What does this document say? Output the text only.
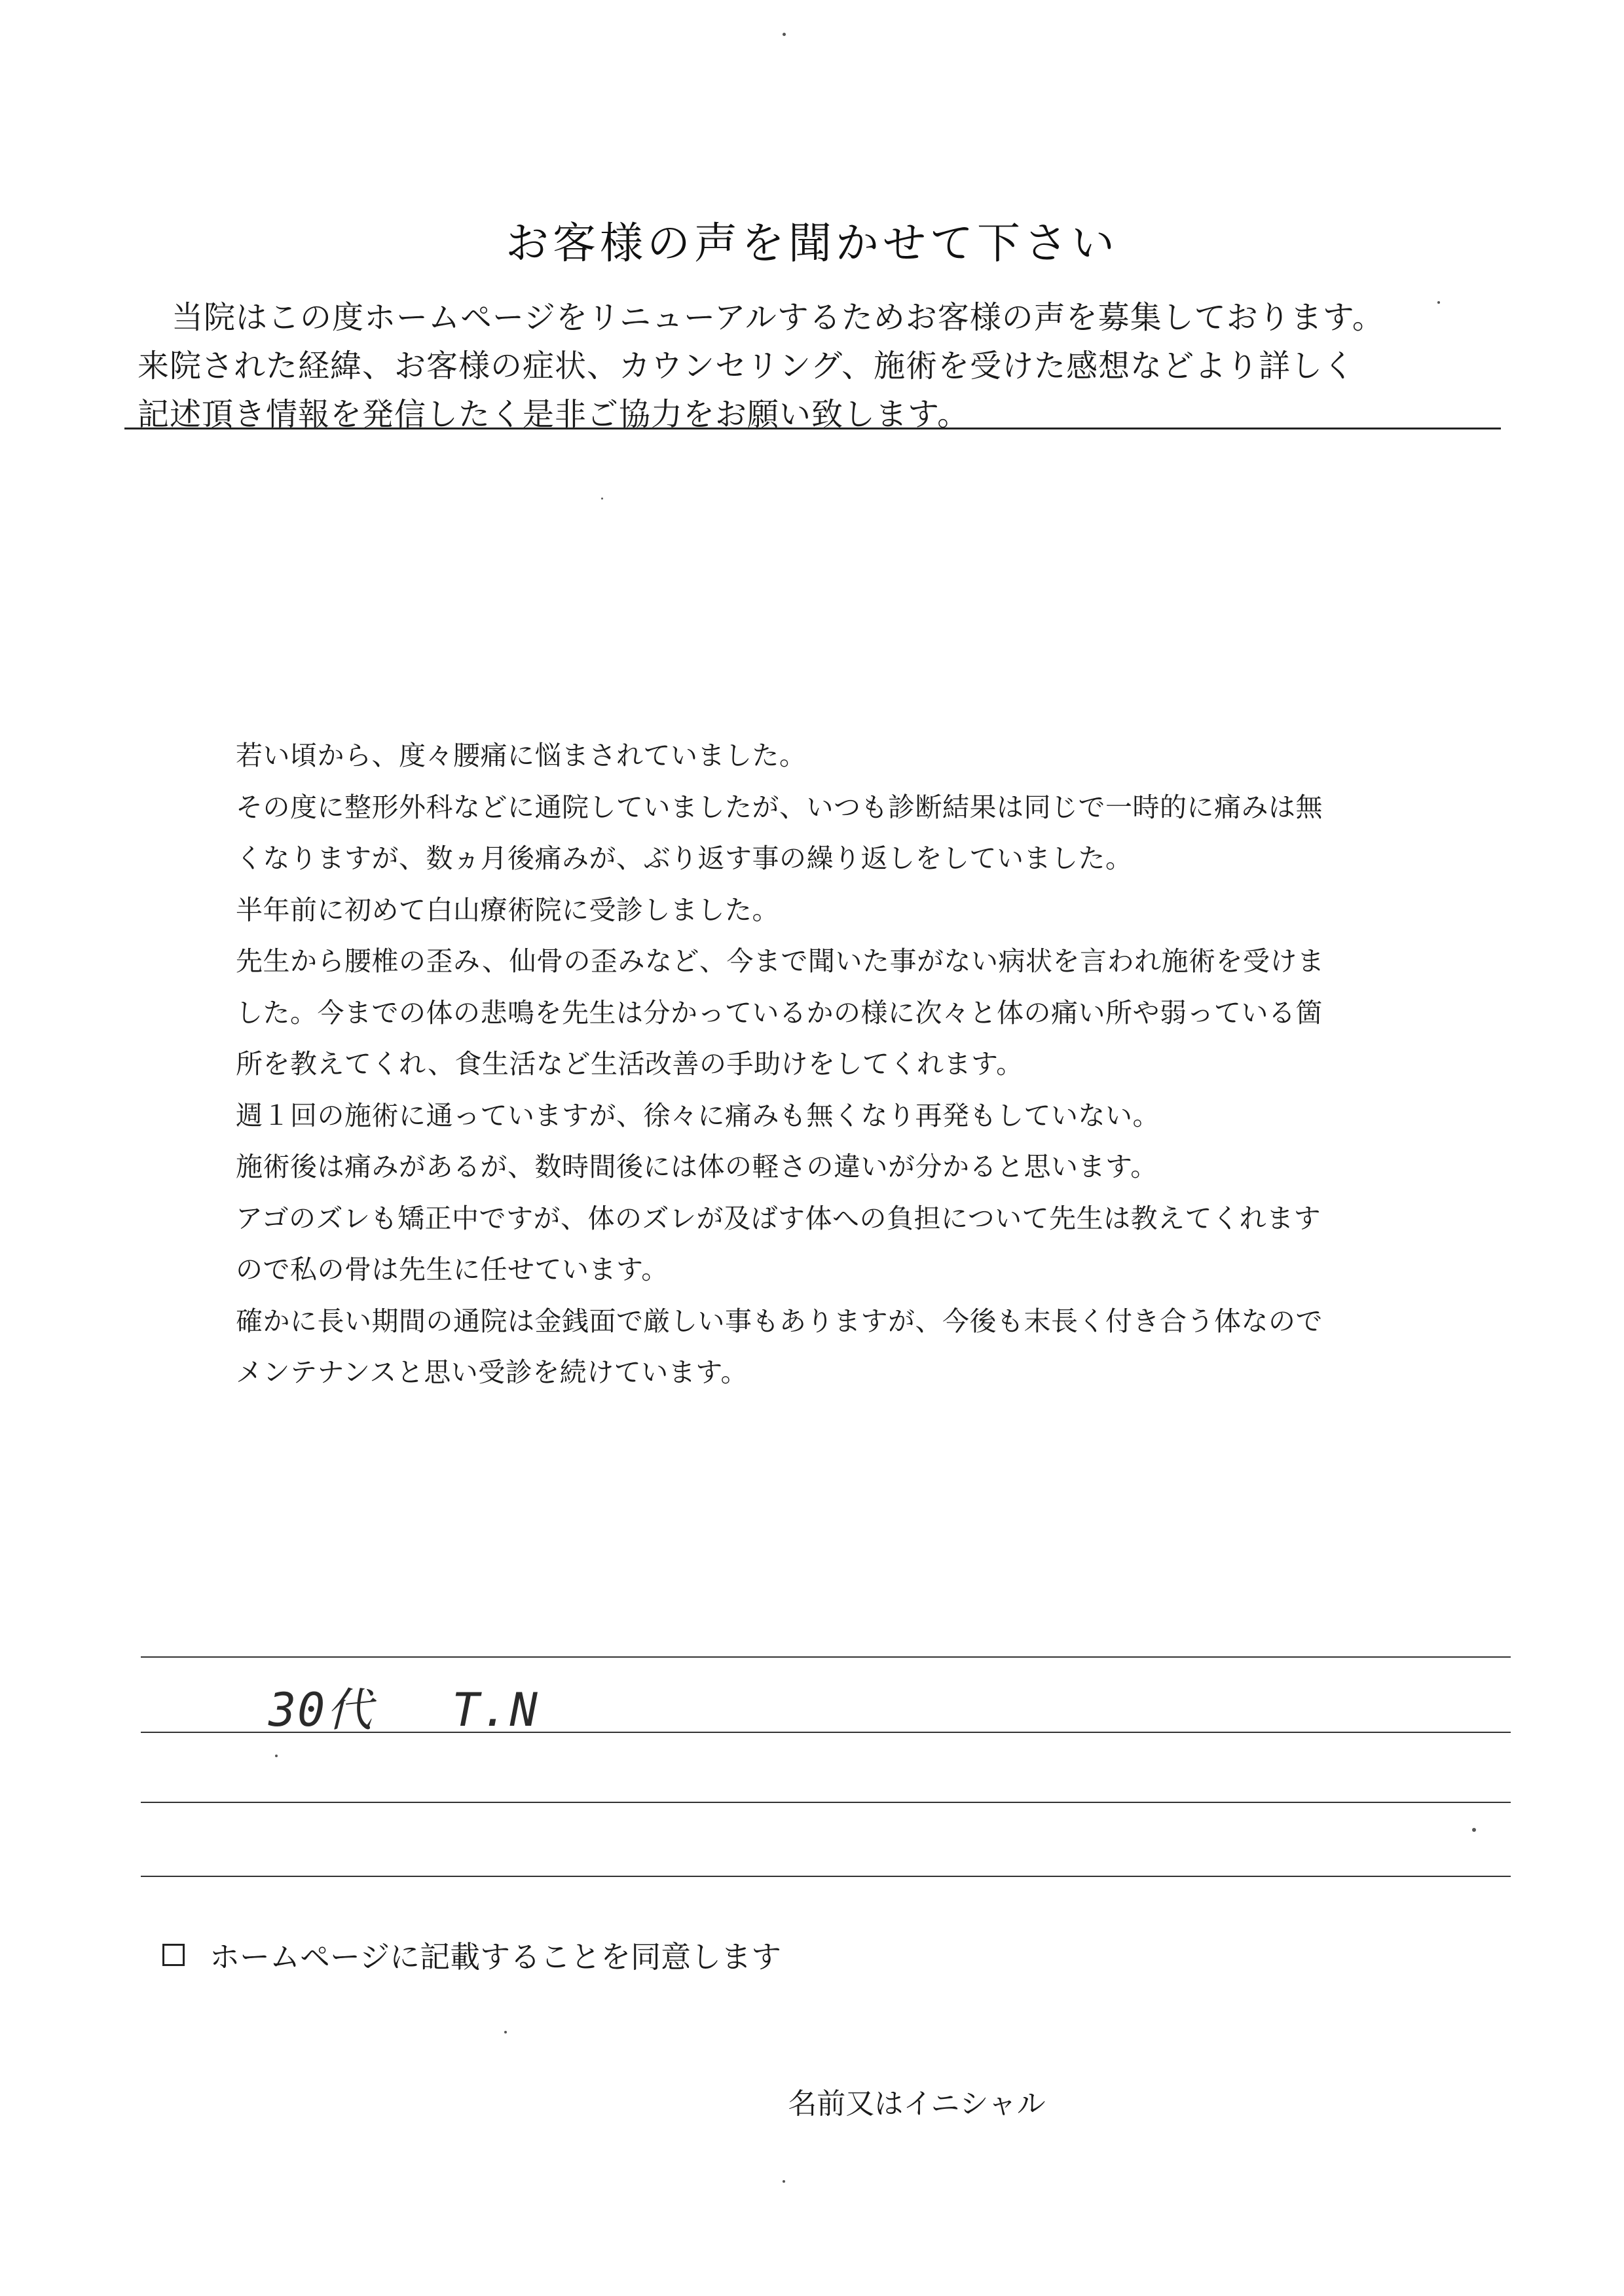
お客様の声を聞かせて下さい
当院はこの度ホームページをリニューアルするためお客様の声を募集しております。
来院された経緯、お客様の症状、カウンセリング、施術を受けた感想などより詳しく
記述頂き情報を発信したく是非ご協力をお願い致します。
若い頃から、度々腰痛に悩まされていました。
その度に整形外科などに通院していましたが、いつも診断結果は同じで一時的に痛みは無
くなりますが、数ヵ月後痛みが、ぶり返す事の繰り返しをしていました。
半年前に初めて白山療術院に受診しました。
先生から腰椎の歪み、仙骨の歪みなど、今まで聞いた事がない病状を言われ施術を受けま
した。今までの体の悲鳴を先生は分かっているかの様に次々と体の痛い所や弱っている箇
所を教えてくれ、食生活など生活改善の手助けをしてくれます。
週１回の施術に通っていますが、徐々に痛みも無くなり再発もしていない。
施術後は痛みがあるが、数時間後には体の軽さの違いが分かると思います。
アゴのズレも矯正中ですが、体のズレが及ばす体への負担について先生は教えてくれます
ので私の骨は先生に任せています。
確かに長い期間の通院は金銭面で厳しい事もありますが、今後も末長く付き合う体なので
メンテナンスと思い受診を続けています。
30代 T.N
ホームページに記載することを同意します
名前又はイニシャル
